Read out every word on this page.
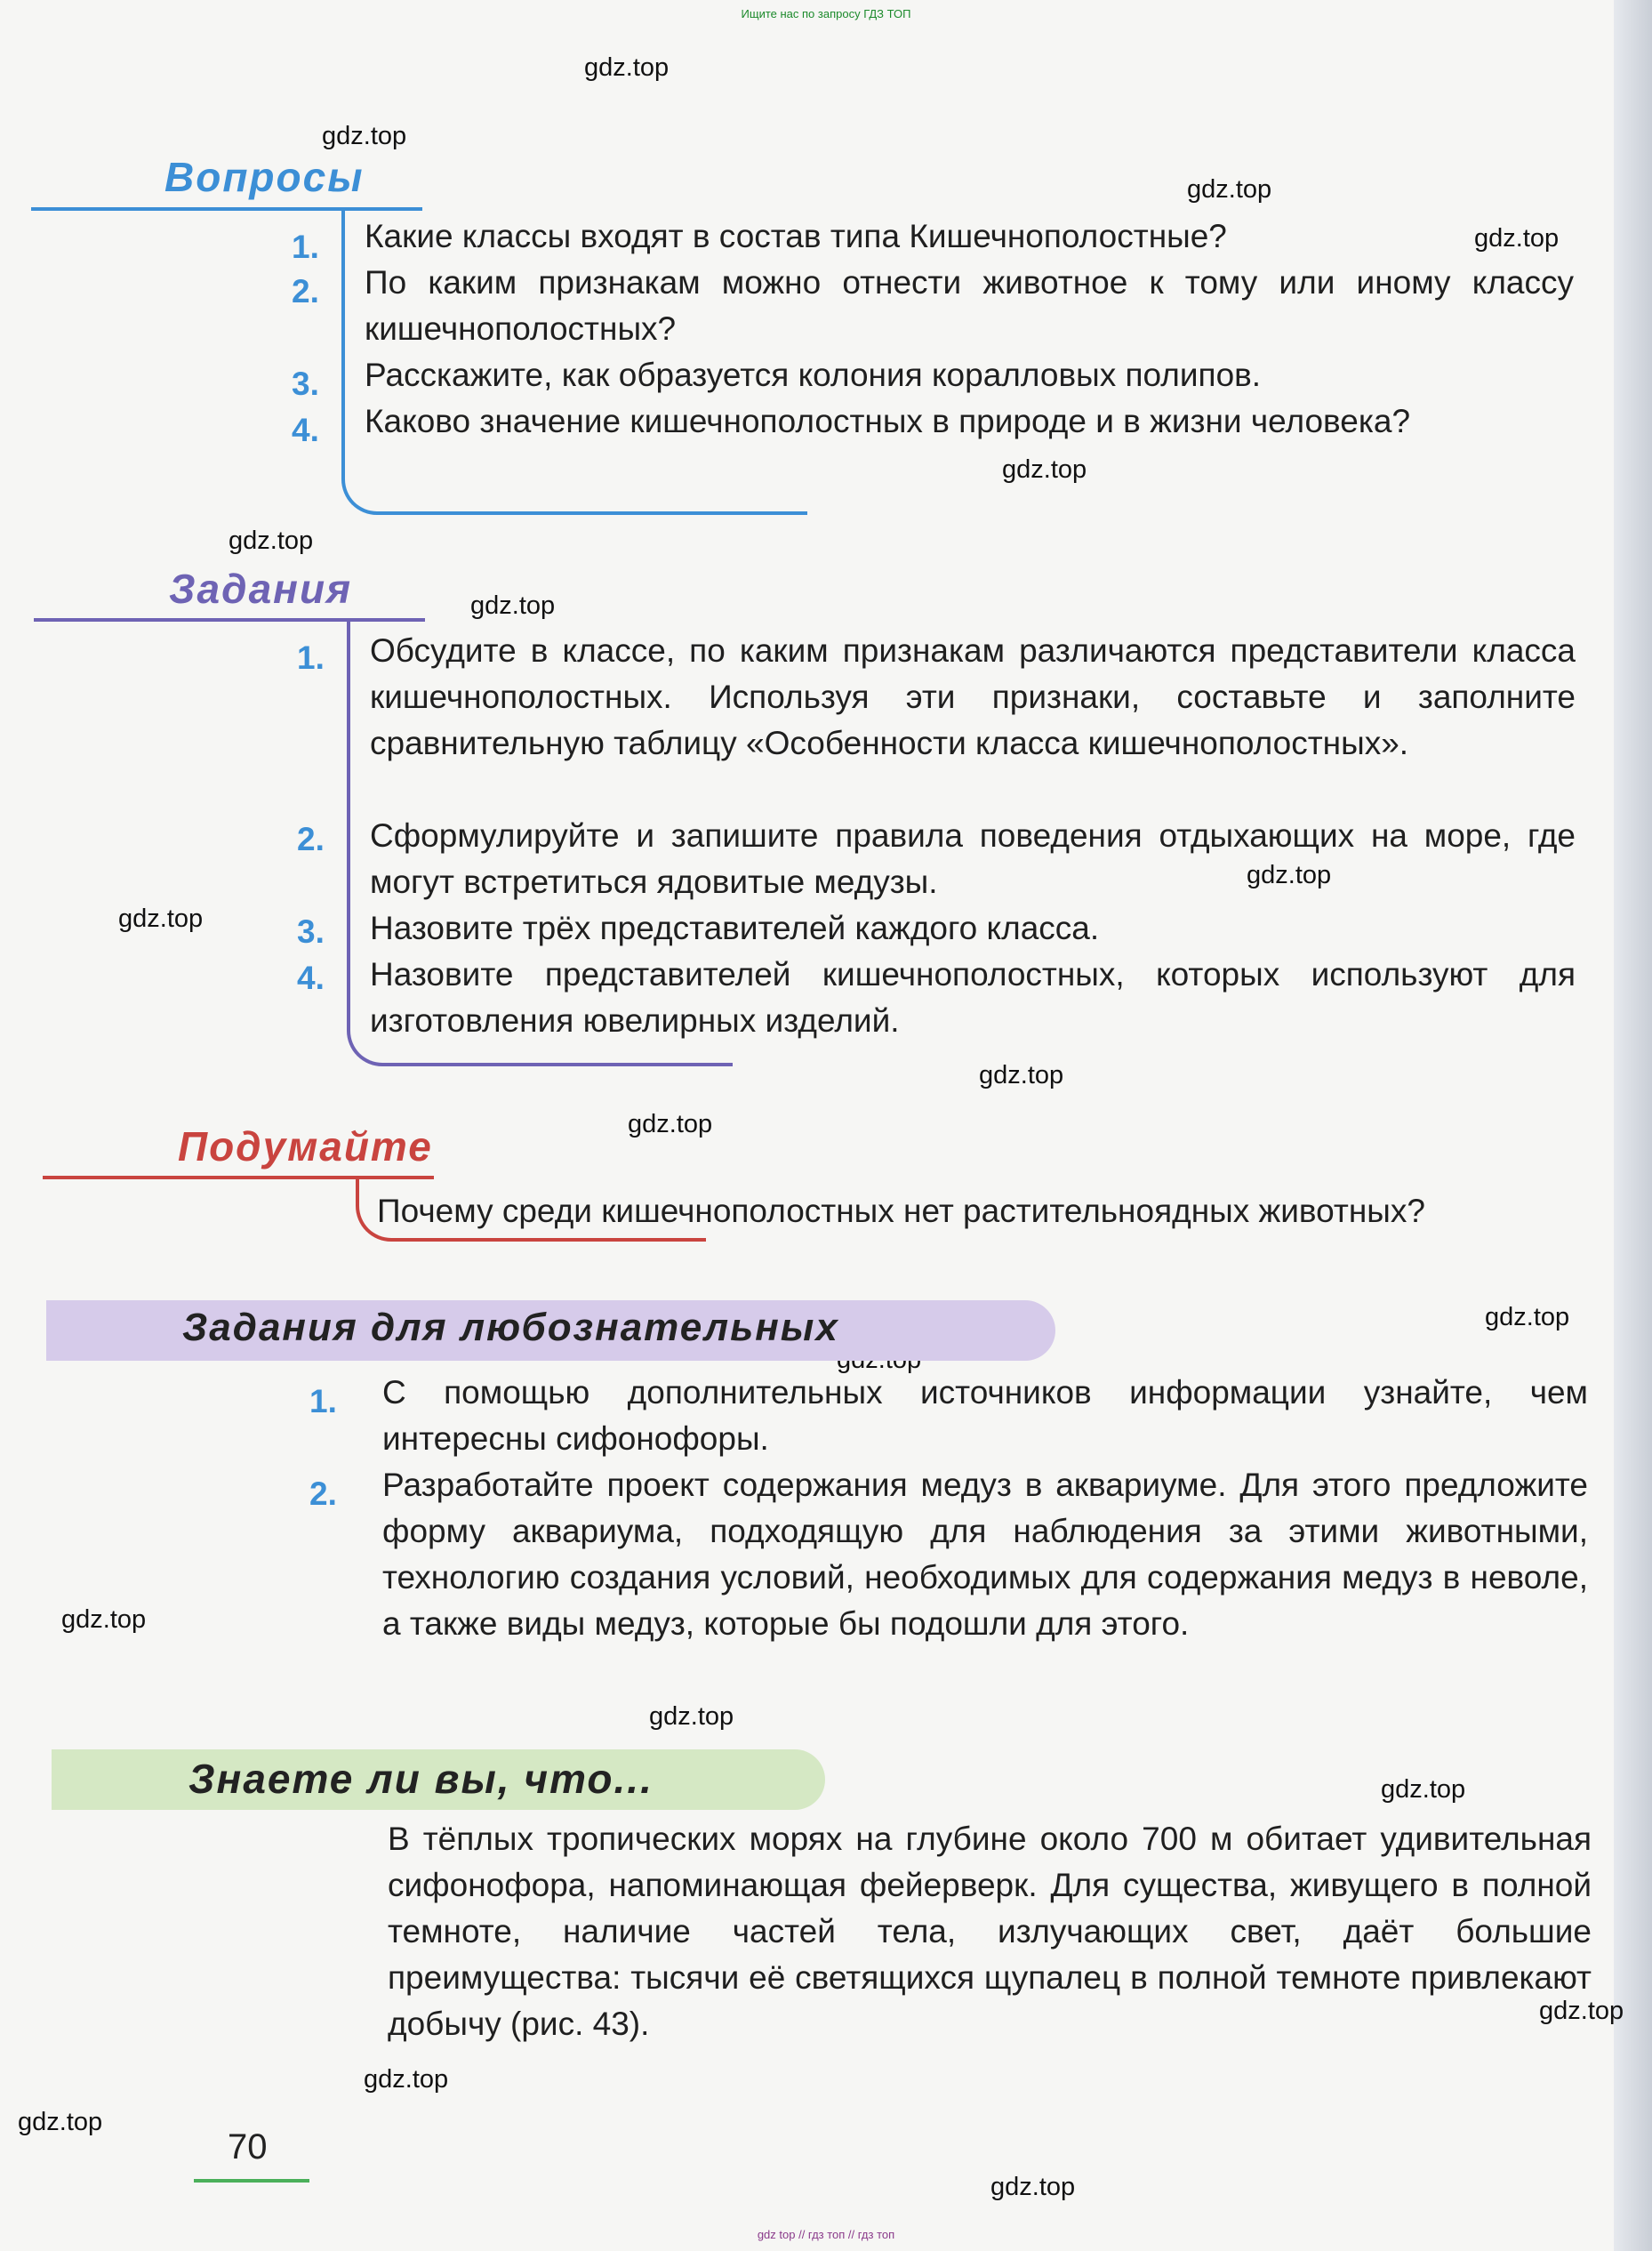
Ищите нас по запросу ГДЗ ТОП
gdz.top
gdz.top
gdz.top
gdz.top
gdz.top
gdz.top
gdz.top
gdz.top
gdz.top
gdz.top
gdz.top
gdz.top
gdz.top
gdz.top
gdz.top
gdz.top
gdz.top
gdz.top
gdz.top
Вопросы
1. Какие классы входят в состав типа Кишечнополостные?
2. По каким признакам можно отнести животное к тому или иному классу кишечнополостных?
3. Расскажите, как образуется колония коралловых полипов.
4. Каково значение кишечнополостных в природе и в жизни человека?
Задания
1. Обсудите в классе, по каким признакам различаются представители класса кишечнополостных. Используя эти признаки, составьте и заполните сравнительную таблицу «Особенности класса кишечнополостных».
2. Сформулируйте и запишите правила поведения отдыхающих на море, где могут встретиться ядовитые медузы.
3. Назовите трёх представителей каждого класса.
4. Назовите представителей кишечнополостных, которых используют для изготовления ювелирных изделий.
Подумайте
Почему среди кишечнополостных нет растительноядных животных?
Задания для любознательных
1. С помощью дополнительных источников информации узнайте, чем интересны сифонофоры.
2. Разработайте проект содержания медуз в аквариуме. Для этого предложите форму аквариума, подходящую для наблюдения за этими животными, технологию создания условий, необходимых для содержания медуз в неволе, а также виды медуз, которые бы подошли для этого.
Знаете ли вы, что...
В тёплых тропических морях на глубине около 700 м обитает удивительная сифонофора, напоминающая фейерверк. Для существа, живущего в полной темноте, наличие частей тела, излучающих свет, даёт большие преимущества: тысячи её светящихся щупалец в полной темноте привлекают добычу (рис. 43).
70
gdz top // гдз топ // гдз топ
